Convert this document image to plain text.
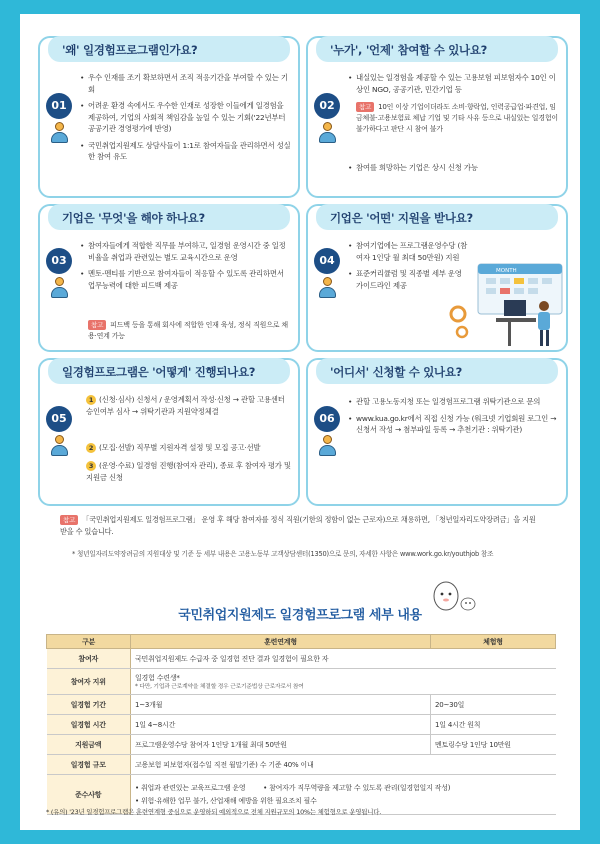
'왜' 일경험프로그램인가요?
01
• 우수 인재를 조기 확보하면서 조직 적응기간을 부여할 수 있는 기회
• 어려운 환경 속에서도 우수한 인재로 성장한 이들에게 일경험을 제공하여, 기업의 사회적 책임감을 높일 수 있는 기회('22년부터 공공기관 경영평가에 반영)
• 국민취업지원제도 상담사들이 1:1로 참여자들을 관리하면서 성실한 참여 유도
'누가', '언제' 참여할 수 있나요?
02
• 내실있는 일경험을 제공할 수 있는 고용보험 피보험자수 10인 이상인 NGO, 공공기관, 민간기업 등
참고 10인 이상 기업이더라도 소비·향락업, 인력공급업·파견업, 임금체불·고용보험료 체납 기업 및 기타 사유 등으로 내실있는 일경험이 불가하다고 판단 시 참여 불가
• 참여를 희망하는 기업은 상시 신청 가능
기업은 '무엇'을 해야 하나요?
03
• 참여자들에게 적합한 직무를 부여하고, 일경험 운영시간 중 일정 비율을 취업과 관련있는 별도 교육시간으로 운영
• 멘토-멘티를 기반으로 참여자들이 적응할 수 있도록 관리하면서 업무능력에 대한 피드백 제공
참고 피드백 등을 통해 회사에 적합한 인재 육성, 정식 직원으로 채용·연계 가능
기업은 '어떤' 지원을 받나요?
04
• 참여기업에는 프로그램운영수당 (참여자 1인당 월 최대 50만원) 지원
• 표준커리큘럼 및 직종별 세부 운영 가이드라인 제공
MONTH
일경험프로그램은 '어떻게' 진행되나요?
05
1 (신청·심사) 신청서 / 운영계획서 작성·신청 → 관할 고용센터 승인여부 심사 → 위탁기관과 지원약정체결
2 (모집·선발) 직무별 지원자격 설정 및 모집 공고·선발
3 (운영·수료) 일경험 진행(참여자 관리), 종료 후 참여자 평가 및 지원금 신청
'어디서' 신청할 수 있나요?
06
• 관할 고용노동지청 또는 일경험프로그램 위탁기관으로 문의
• www.kua.go.kr에서 직접 신청 가능 (워크넷 기업회원 로그인 → 신청서 작성 → 첨부파일 등록 → 추천기관 : 위탁기관)
참고 「국민취업지원제도 일경험프로그램」 운영 후 해당 참여자를 정식 직원(기한의 정함이 없는 근로자)으로 채용하면, 「청년일자리도약장려금」을 지원 받을 수 있습니다.
* 청년일자리도약장려금의 지원대상 및 기준 등 세부 내용은 고용노동부 고객상담센터(1350)으로 문의, 자세한 사항은 www.work.go.kr/youthjob 참조
국민취업지원제도 일경험프로그램 세부 내용
구분	훈련연계형	체험형
참여자	국민취업지원제도 수급자 중 일경험 진단 결과 일경험이 필요한 자	
참여자 지위	일경험 수련생*
* 다만, 기업과 근로계약을 체결할 경우 근로기준법상 근로자로서 참여	

일경험 기간	1~3개월	20~30일
일경험 시간	1일 4~8시간	1일 4시간 원칙
지원금액	프로그램운영수당 참여자 1인당 1개월 최대 50만원	멘토링수당 1인당 10만원
일경험 규모	고용보험 피보험자(접수일 직전 월말기준) 수 기준 40% 이내	
준수사항	• 취업과 관련있는 교육프로그램 운영 　　 • 참여자가 직무역량을 제고할 수 있도록 관리(일경험일지 작성)
• 위험·유해한 업무 불가, 산업재해 예방을 위한 필요조치 필수	
* (유의) '23년 일경험프로그램은 훈련연계형 중심으로 운영하되 예외적으로 전체 지원규모의 10%는 체험형으로 운영됩니다.
